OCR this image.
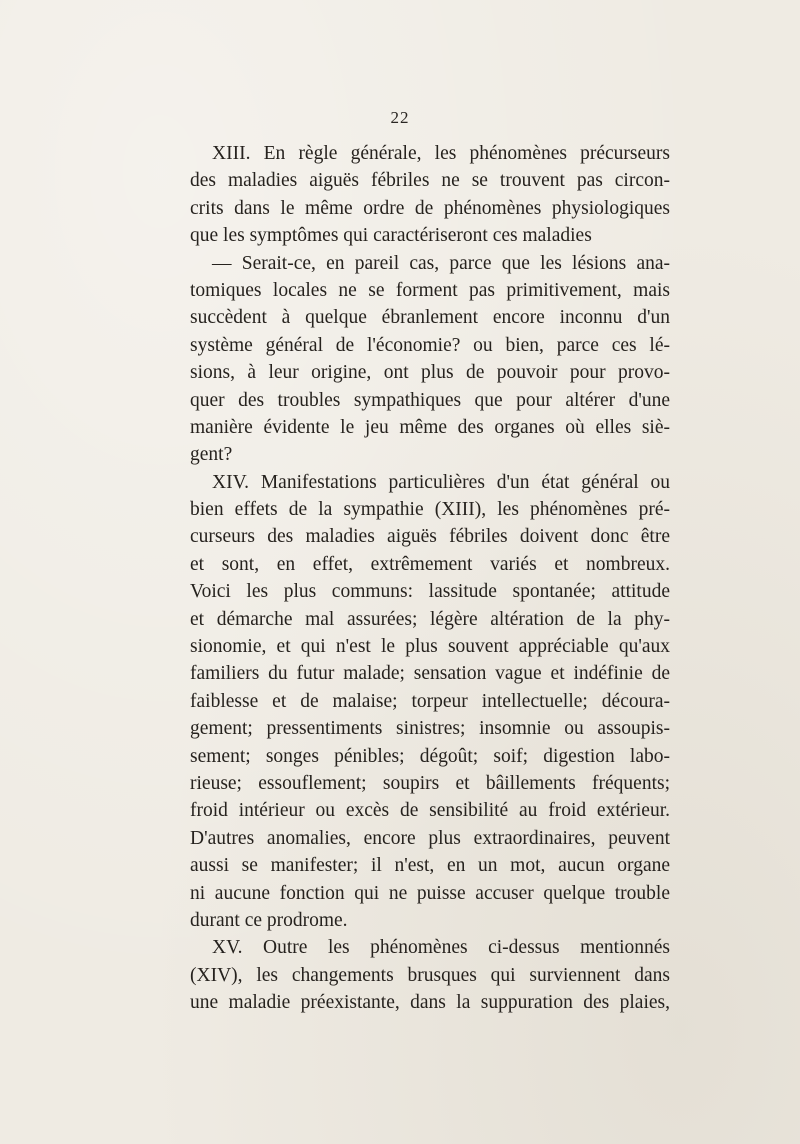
22
XIII. En règle générale, les phénomènes précurseurs
des maladies aiguës fébriles ne se trouvent pas circon-
crits dans le même ordre de phénomènes physiologiques
que les symptômes qui caractériseront ces maladies
— Serait-ce, en pareil cas, parce que les lésions ana-
tomiques locales ne se forment pas primitivement, mais
succèdent à quelque ébranlement encore inconnu d'un
système général de l'économie? ou bien, parce ces lé-
sions, à leur origine, ont plus de pouvoir pour provo-
quer des troubles sympathiques que pour altérer d'une
manière évidente le jeu même des organes où elles siè-
gent?
XIV. Manifestations particulières d'un état général ou
bien effets de la sympathie (XIII), les phénomènes pré-
curseurs des maladies aiguës fébriles doivent donc être
et sont, en effet, extrêmement variés et nombreux.
Voici les plus communs: lassitude spontanée; attitude
et démarche mal assurées; légère altération de la phy-
sionomie, et qui n'est le plus souvent appréciable qu'aux
familiers du futur malade; sensation vague et indéfinie de
faiblesse et de malaise; torpeur intellectuelle; découra-
gement; pressentiments sinistres; insomnie ou assoupis-
sement; songes pénibles; dégoût; soif; digestion labo-
rieuse; essouflement; soupirs et bâillements fréquents;
froid intérieur ou excès de sensibilité au froid extérieur.
D'autres anomalies, encore plus extraordinaires, peuvent
aussi se manifester; il n'est, en un mot, aucun organe
ni aucune fonction qui ne puisse accuser quelque trouble
durant ce prodrome.
XV. Outre les phénomènes ci-dessus mentionnés
(XIV), les changements brusques qui surviennent dans
une maladie préexistante, dans la suppuration des plaies,
